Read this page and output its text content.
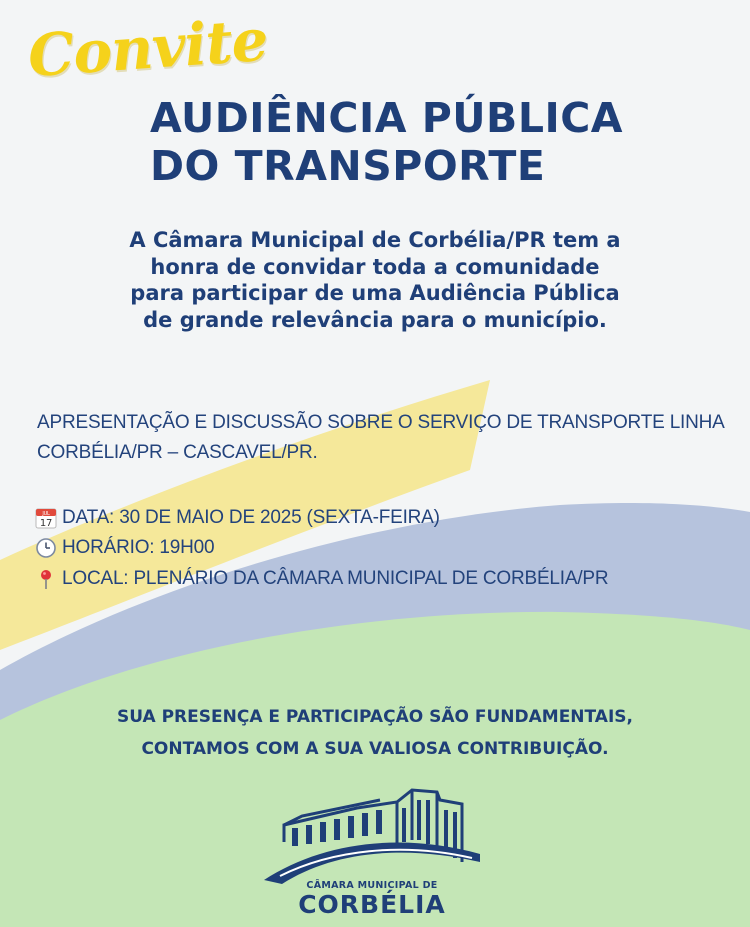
Convite
AUDIÊNCIA PÚBLICA
DO TRANSPORTE

A Câmara Municipal de Corbélia/PR tem a
honra de convidar toda a comunidade
para participar de uma Audiência Pública
de grande relevância para o município.

APRESENTAÇÃO E DISCUSSÃO SOBRE O SERVIÇO DE TRANSPORTE LINHA
CORBÉLIA/PR – CASCAVEL/PR.

JUL
17 DATA: 30 DE MAIO DE 2025 (SEXTA-FEIRA)
HORÁRIO: 19H00
LOCAL: PLENÁRIO DA CÂMARA MUNICIPAL DE CORBÉLIA/PR

SUA PRESENÇA E PARTICIPAÇÃO SÃO FUNDAMENTAIS,
CONTAMOS COM A SUA VALIOSA CONTRIBUIÇÃO.

CÂMARA MUNICIPAL DE
CORBÉLIA
